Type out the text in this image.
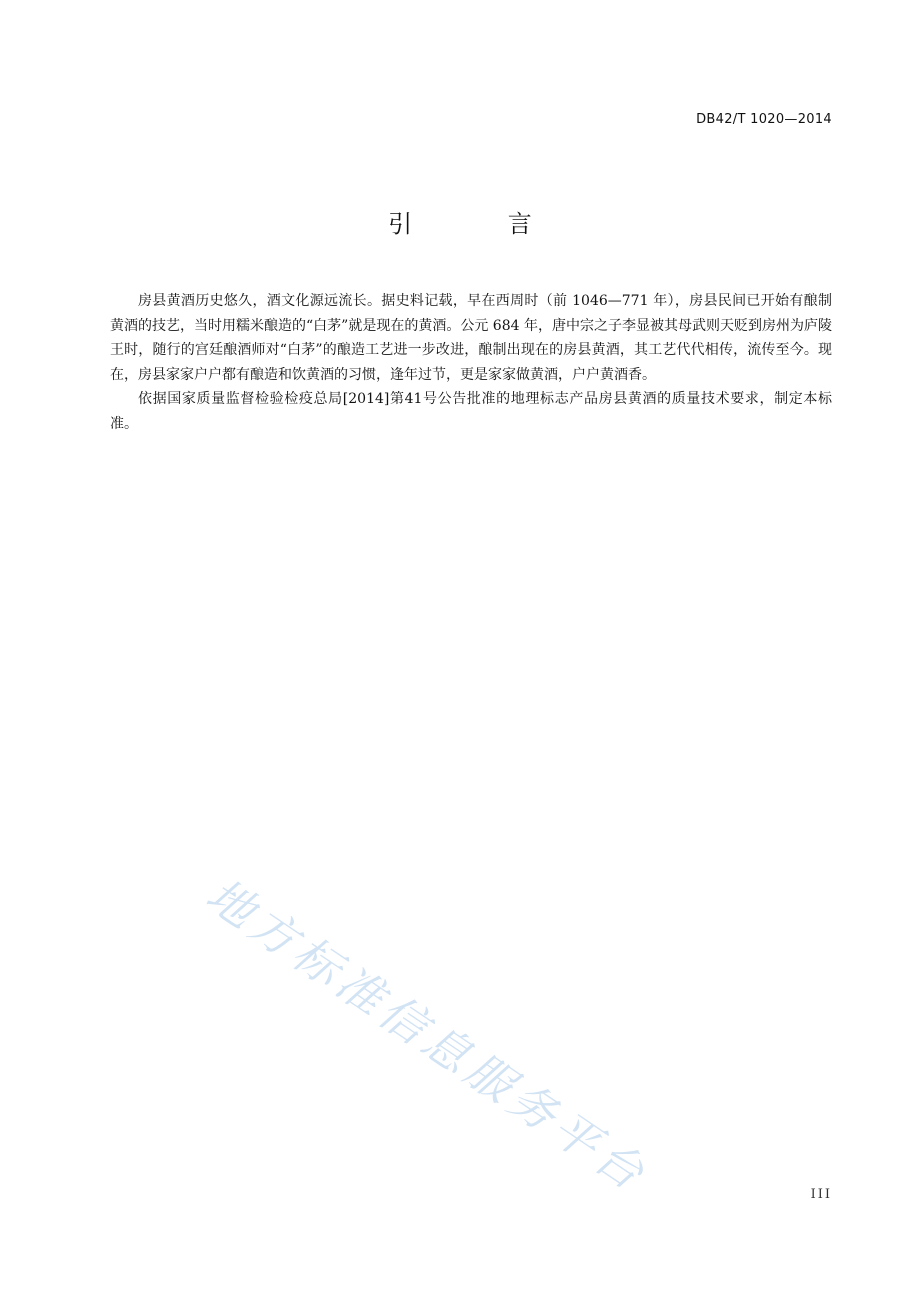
DB42/T 1020—2014
引 言

房县黄酒历史悠久，酒文化源远流长。据史料记载，早在西周时（前 1046—771 年），房县民间已开始有酿制黄酒的技艺，当时用糯米酿造的“白茅”就是现在的黄酒。公元 684 年，唐中宗之子李显被其母武则天贬到房州为庐陵王时，随行的宫廷酿酒师对“白茅”的酿造工艺进一步改进，酿制出现在的房县黄酒，其工艺代代相传，流传至今。现在，房县家家户户都有酿造和饮黄酒的习惯，逢年过节，更是家家做黄酒，户户黄酒香。

依据国家质量监督检验检疫总局[2014]第41号公告批准的地理标志产品房县黄酒的质量技术要求，制定本标准。

地方标准信息服务平台	III
